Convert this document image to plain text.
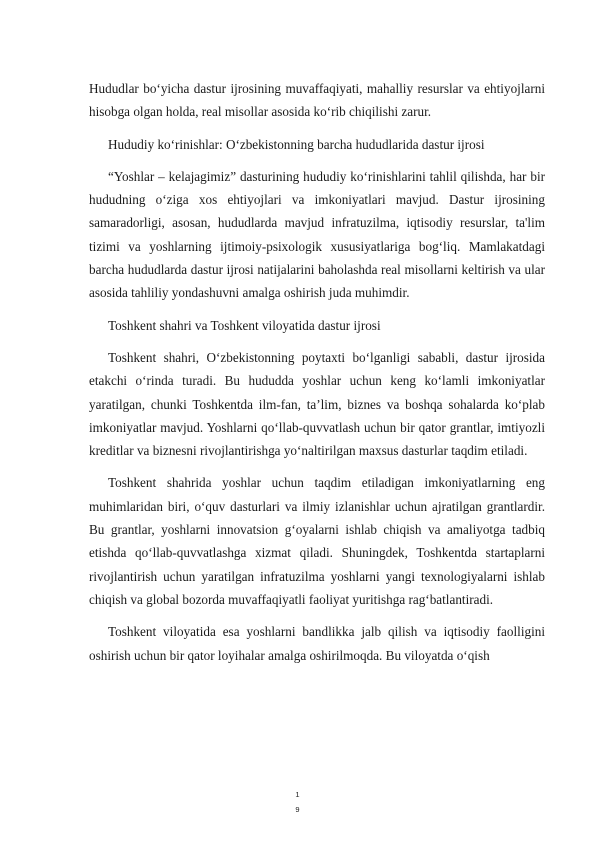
Hududlar bo‘yicha dastur ijrosining muvaffaqiyati, mahalliy resurslar va ehtiyojlarni hisobga olgan holda, real misollar asosida ko‘rib chiqilishi zarur.

Hududiy ko‘rinishlar: O‘zbekistonning barcha hududlarida dastur ijrosi

“Yoshlar – kelajagimiz” dasturining hududiy ko‘rinishlarini tahlil qilishda, har bir hududning o‘ziga xos ehtiyojlari va imkoniyatlari mavjud. Dastur ijrosining samaradorligi, asosan, hududlarda mavjud infratuzilma, iqtisodiy resurslar, ta'lim tizimi va yoshlarning ijtimoiy-psixologik xususiyatlariga bog‘liq. Mamlakatdagi barcha hududlarda dastur ijrosi natijalarini baholashda real misollarni keltirish va ular asosida tahliliy yondashuvni amalga oshirish juda muhimdir.

Toshkent shahri va Toshkent viloyatida dastur ijrosi

Toshkent shahri, O‘zbekistonning poytaxti bo‘lganligi sababli, dastur ijrosida etakchi o‘rinda turadi. Bu hududda yoshlar uchun keng ko‘lamli imkoniyatlar yaratilgan, chunki Toshkentda ilm-fan, ta’lim, biznes va boshqa sohalarda ko‘plab imkoniyatlar mavjud. Yoshlarni qo‘llab-quvvatlash uchun bir qator grantlar, imtiyozli kreditlar va biznesni rivojlantirishga yo‘naltirilgan maxsus dasturlar taqdim etiladi.

Toshkent shahrida yoshlar uchun taqdim etiladigan imkoniyatlarning eng muhimlaridan biri, o‘quv dasturlari va ilmiy izlanishlar uchun ajratilgan grantlardir. Bu grantlar, yoshlarni innovatsion g‘oyalarni ishlab chiqish va amaliyotga tadbiq etishda qo‘llab-quvvatlashga xizmat qiladi. Shuningdek, Toshkentda startaplarni rivojlantirish uchun yaratilgan infratuzilma yoshlarni yangi texnologiyalarni ishlab chiqish va global bozorda muvaffaqiyatli faoliyat yuritishga rag‘batlantiradi.

Toshkent viloyatida esa yoshlarni bandlikka jalb qilish va iqtisodiy faolligini oshirish uchun bir qator loyihalar amalga oshirilmoqda. Bu viloyatda o‘qish

1
9
